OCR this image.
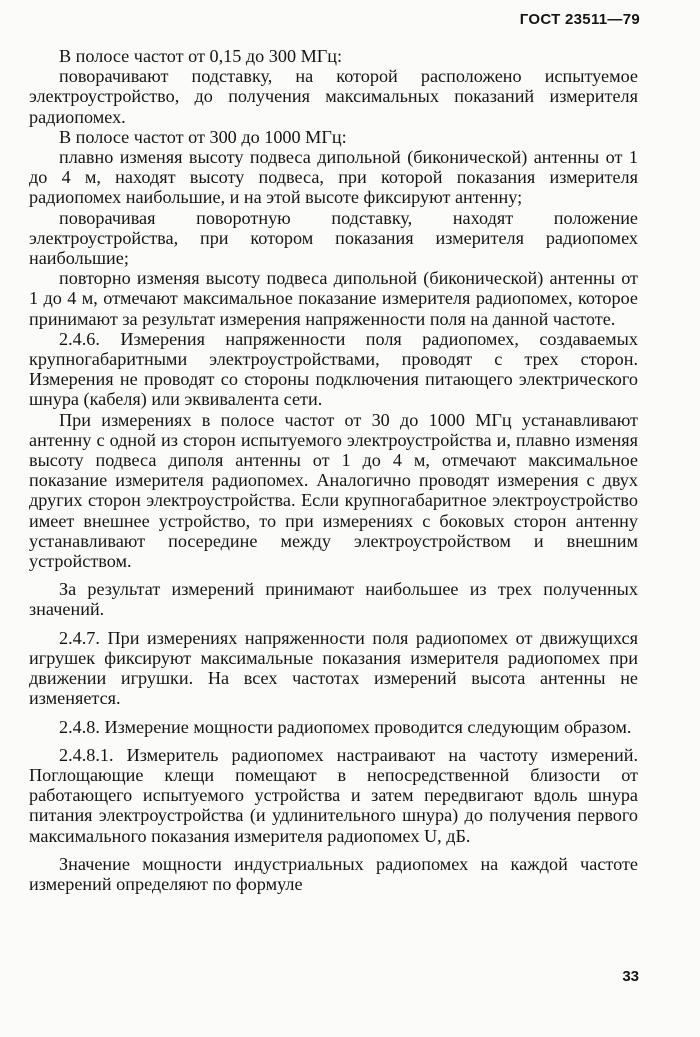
ГОСТ 23511—79

В полосе частот от 0,15 до 300 МГц:

поворачивают подставку, на которой расположено испытуемое электроустройство, до получения максимальных показаний измерителя радиопомех.

В полосе частот от 300 до 1000 МГц:

плавно изменяя высоту подвеса дипольной (биконической) антенны от 1 до 4 м, находят высоту подвеса, при которой показания измерителя радиопомех наибольшие, и на этой высоте фиксируют антенну;

поворачивая поворотную подставку, находят положение электроустройства, при котором показания измерителя радиопомех наибольшие;

повторно изменяя высоту подвеса дипольной (биконической) антенны от 1 до 4 м, отмечают максимальное показание измерителя радиопомех, которое принимают за результат измерения напряженности поля на данной частоте.

2.4.6. Измерения напряженности поля радиопомех, создаваемых крупногабаритными электроустройствами, проводят с трех сторон. Измерения не проводят со стороны подключения питающего электрического шнура (кабеля) или эквивалента сети.

При измерениях в полосе частот от 30 до 1000 МГц устанавливают антенну с одной из сторон испытуемого электроустройства и, плавно изменяя высоту подвеса диполя антенны от 1 до 4 м, отмечают максимальное показание измерителя радиопомех. Аналогично проводят измерения с двух других сторон электроустройства. Если крупногабаритное электроустройство имеет внешнее устройство, то при измерениях с боковых сторон антенну устанавливают посередине между электроустройством и внешним устройством.

За результат измерений принимают наибольшее из трех полученных значений.

2.4.7. При измерениях напряженности поля радиопомех от движущихся игрушек фиксируют максимальные показания измерителя радиопомех при движении игрушки. На всех частотах измерений высота антенны не изменяется.

2.4.8. Измерение мощности радиопомех проводится следующим образом.

2.4.8.1. Измеритель радиопомех настраивают на частоту измерений. Поглощающие клещи помещают в непосредственной близости от работающего испытуемого устройства и затем передвигают вдоль шнура питания электроустройства (и удлинительного шнура) до получения первого максимального показания измерителя радиопомех U, дБ.

Значение мощности индустриальных радиопомех на каждой частоте измерений определяют по формуле

33
